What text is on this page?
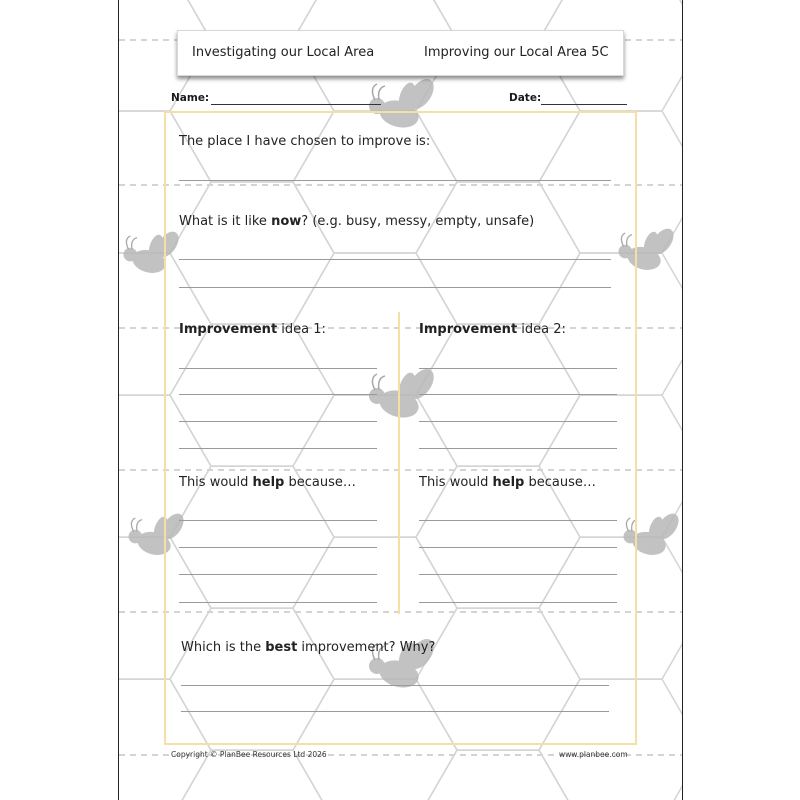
Investigating our Local Area	Improving our Local Area 5C
Name:	Date:
The place I have chosen to improve is:
What is it like now? (e.g. busy, messy, empty, unsafe)
Improvement idea 1:	Improvement idea 2:
This would help because…	This would help because…
Which is the best improvement? Why?
Copyright © PlanBee Resources Ltd 2026	www.planbee.com
